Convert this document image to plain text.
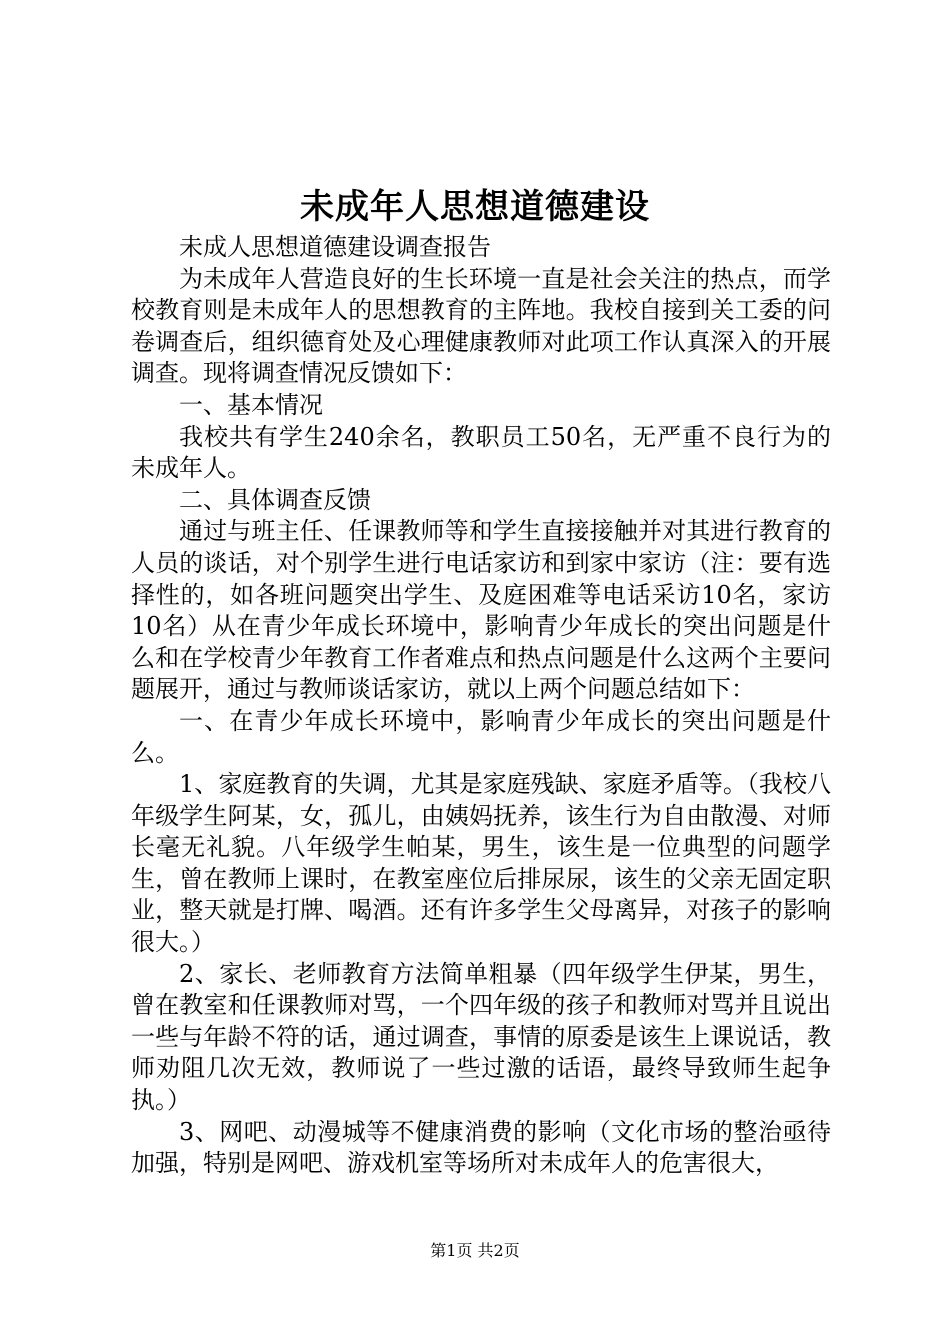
未成年人思想道德建设

未成人思想道德建设调查报告

为未成年人营造良好的生长环境一直是社会关注的热点，而学校教育则是未成年人的思想教育的主阵地。我校自接到关工委的问卷调查后，组织德育处及心理健康教师对此项工作认真深入的开展调查。现将调查情况反馈如下：

一、基本情况

我校共有学生240余名，教职员工50名，无严重不良行为的未成年人。

二、具体调查反馈

通过与班主任、任课教师等和学生直接接触并对其进行教育的人员的谈话，对个别学生进行电话家访和到家中家访（注：要有选择性的，如各班问题突出学生、及庭困难等电话采访10名，家访10名）从在青少年成长环境中，影响青少年成长的突出问题是什么和在学校青少年教育工作者难点和热点问题是什么这两个主要问题展开，通过与教师谈话家访，就以上两个问题总结如下：

一、在青少年成长环境中，影响青少年成长的突出问题是什么。

1、家庭教育的失调，尤其是家庭残缺、家庭矛盾等。（我校八年级学生阿某，女，孤儿，由姨妈抚养，该生行为自由散漫、对师长毫无礼貌。八年级学生帕某，男生，该生是一位典型的问题学生，曾在教师上课时，在教室座位后排尿尿，该生的父亲无固定职业，整天就是打牌、喝酒。还有许多学生父母离异，对孩子的影响很大。）

2、家长、老师教育方法简单粗暴（四年级学生伊某，男生，曾在教室和任课教师对骂，一个四年级的孩子和教师对骂并且说出一些与年龄不符的话，通过调查，事情的原委是该生上课说话，教师劝阻几次无效，教师说了一些过激的话语，最终导致师生起争执。）

3、网吧、动漫城等不健康消费的影响（文化市场的整治亟待加强，特别是网吧、游戏机室等场所对未成年人的危害很大，

第1页 共2页
